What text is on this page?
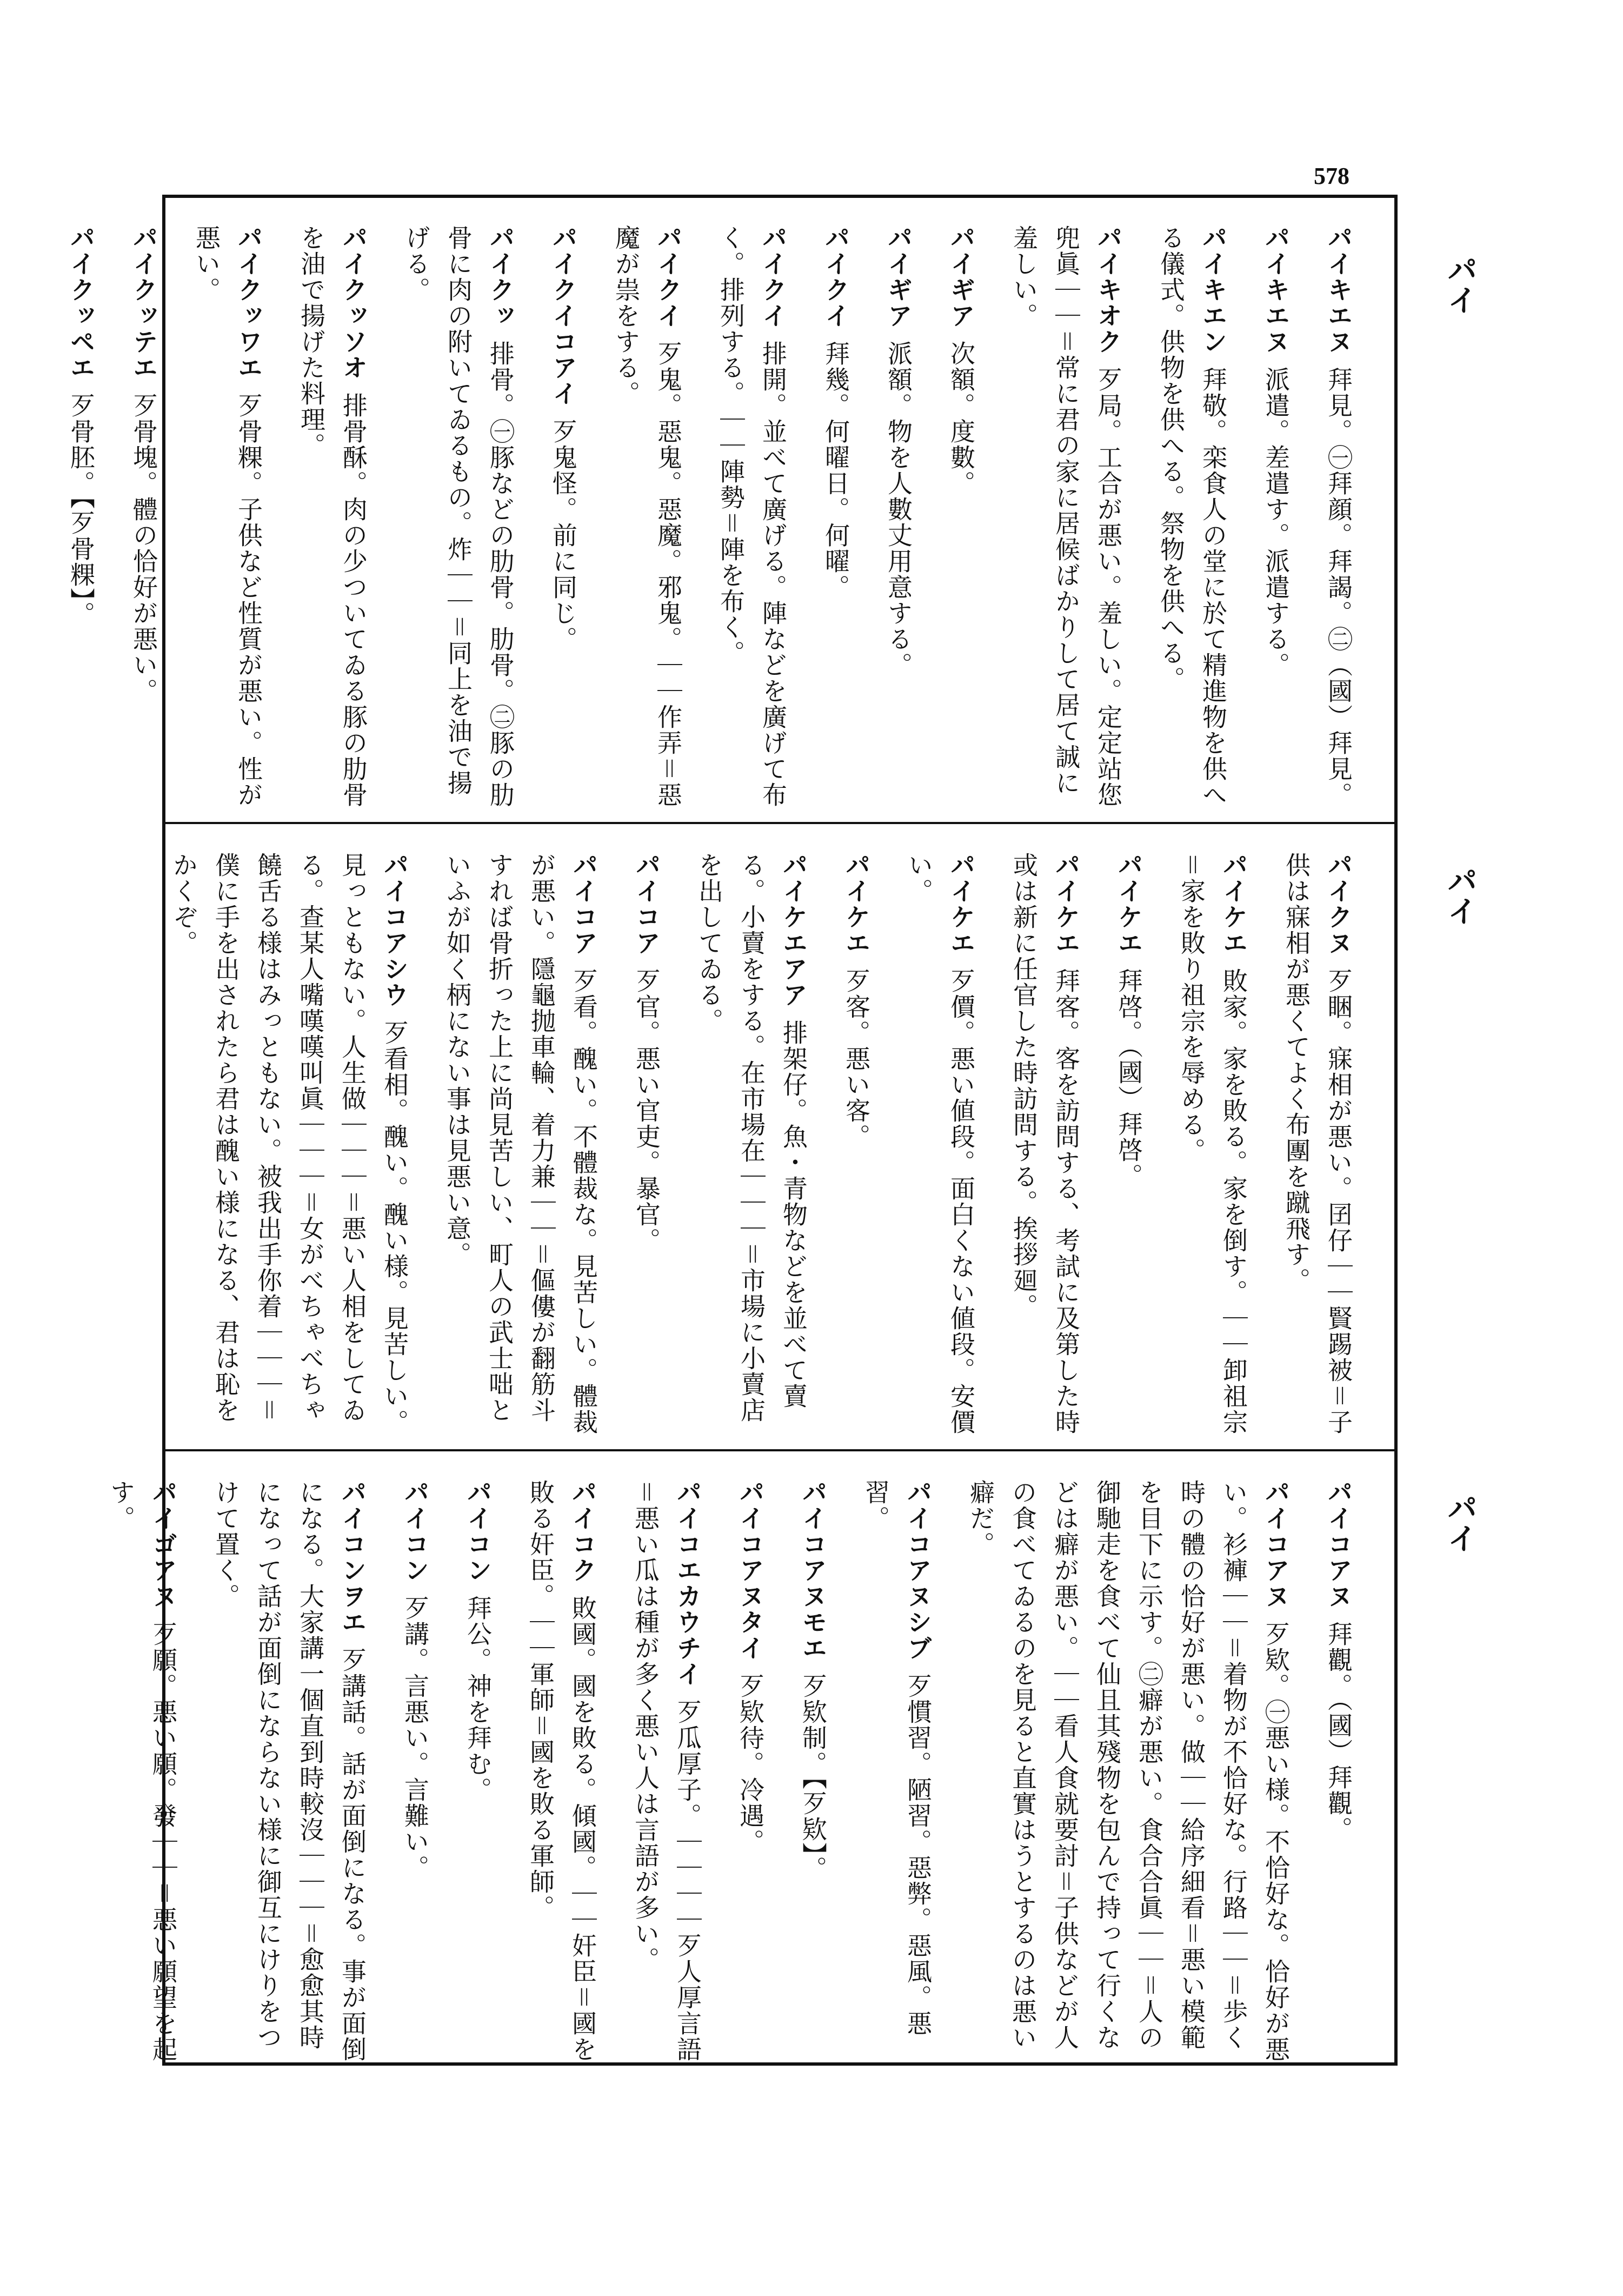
578
パイ
パイ
パイ
パイキエヌ拜見。㊀拜顔。拜謁。㊁（國）拜見。
パイキエヌ派遣。差遣す。派遣する。
パイキエン拜敬。栾食人の堂に於て精進物を供へる儀式。供物を供へる。祭物を供へる。
パイキオク歹局。工合が悪い。羞しい。定定站您兜眞｜｜＝常に君の家に居候ばかりして居て誠に羞しい。
パイギア次額。度數。
パイギア派額。物を人數丈用意する。
パイクイ拜幾。何曜日。何曜。
パイクイ排開。並べて廣げる。陣などを廣げて布く。排列する。｜｜陣勢＝陣を布く。
パイクイ歹鬼。惡鬼。惡魔。邪鬼。｜｜作弄＝惡魔が祟をする。
パイクイコアイ歹鬼怪。前に同じ。
パイクッ排骨。㊀豚などの肋骨。肋骨。㊁豚の肋骨に肉の附いてゐるもの。炸｜｜＝同上を油で揚げる。
パイクッソオ排骨酥。肉の少ついてゐる豚の肋骨を油で揚げた料理。
パイクッワエ歹骨粿。子供など性質が悪い。性が悪い。
パイクッテエ歹骨塊。體の恰好が悪い。
パイクッペエ歹骨胚。【歹骨粿】。
パイクヌ歹睏。寐相が悪い。囝仔｜｜賢踢被＝子供は寐相が悪くてよく布團を蹴飛す。
パイケエ敗家。家を敗る。家を倒す。｜｜卸祖宗＝家を敗り祖宗を辱める。
パイケエ拜啓。（國）拜啓。
パイケエ拜客。客を訪問する、考試に及第した時或は新に任官した時訪問する。挨拶廻。
パイケエ歹價。悪い値段。面白くない値段。安價い。
パイケエ歹客。悪い客。
パイケエアア排架仔。魚・青物などを並べて賣る。小賣をする。在市場在｜｜｜＝市場に小賣店を出してゐる。
パイコア歹官。悪い官吏。暴官。
パイコア歹看。醜い。不體裁な。見苦しい。體裁が悪い。隱龜抛車輪、着力兼｜｜＝傴僂が翻筋斗すれば骨折った上に尚見苦しい、町人の武士咄といふが如く柄にない事は見悪い意。
パイコアシウ歹看相。醜い。醜い様。見苦しい。見っともない。人生做｜｜｜＝悪い人相をしてゐる。查某人嘴嘆嘆叫眞｜｜｜＝女がべちゃべちゃ饒舌る様はみっともない。被我出手你着｜｜｜＝僕に手を出されたら君は醜い様になる、君は恥をかくぞ。
パイコアヌ拜觀。（國）拜觀。
パイコアヌ歹欵。㊀悪い様。不恰好な。恰好が悪い。衫褲｜｜＝着物が不恰好な。行路｜｜＝歩く時の體の恰好が悪い。做｜｜給序細看＝悪い模範を目下に示す。㊁癖が悪い。食合合眞｜｜＝人の御馳走を食べて仙且其殘物を包んで持って行くなどは癖が悪い。｜｜看人食就要討＝子供などが人の食べてゐるのを見ると直實はうとするのは悪い癖だ。
パイコアヌシブ歹慣習。陋習。惡弊。惡風。悪習。
パイコアヌモエ歹欵制。【歹欵】。
パイコアヌタイ歹欵待。冷遇。
パイコエカウチイ歹瓜厚子。｜｜｜｜歹人厚言語＝悪い瓜は種が多く悪い人は言語が多い。
パイコク敗國。國を敗る。傾國。｜｜奸臣＝國を敗る奸臣。｜｜軍師＝國を敗る軍師。
パイコン拜公。神を拜む。
パイコン歹講。言悪い。言難い。
パイコンヲエ歹講話。話が面倒になる。事が面倒になる。大家講一個直到時較沒｜｜｜＝愈愈其時になって話が面倒にならない様に御互にけりをつけて置く。
パイゴアヌ歹願。悪い願。發｜｜＝悪い願望を起す。
